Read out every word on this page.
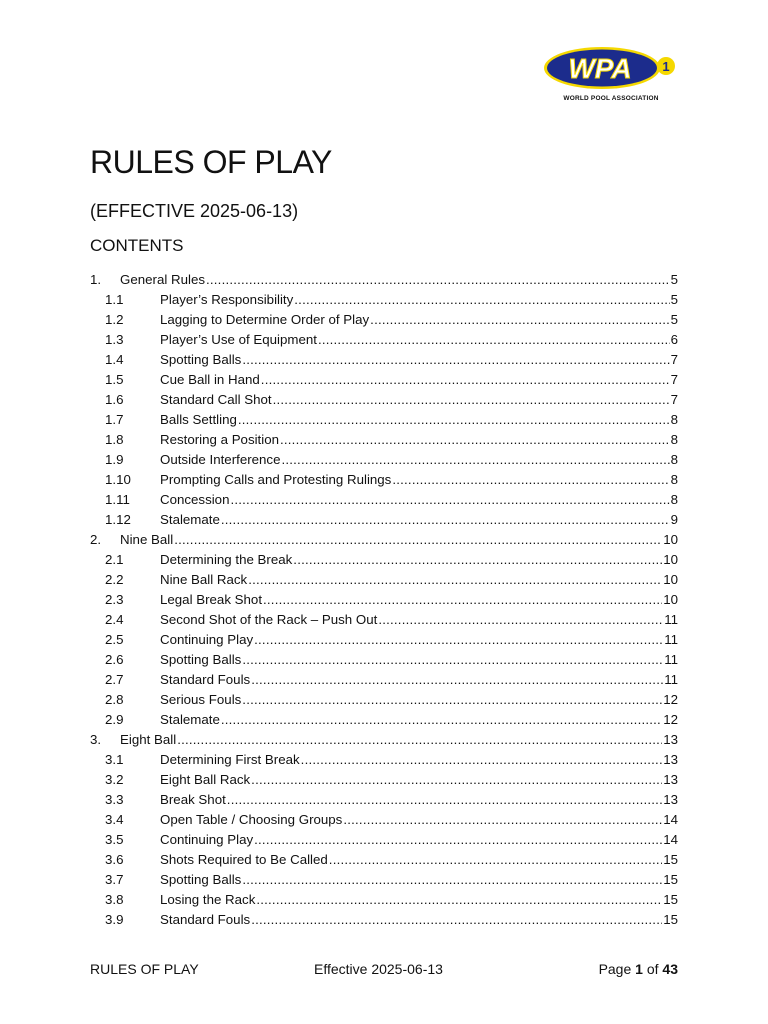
WPA 1
WORLD POOL ASSOCIATION
RULES OF PLAY
(EFFECTIVE 2025-06-13)
CONTENTS
1.	General Rules .....	5
1.1	Player’s Responsibility .....	5
1.2	Lagging to Determine Order of Play .....	5
1.3	Player’s Use of Equipment .....	6
1.4	Spotting Balls .....	7
1.5	Cue Ball in Hand .....	7
1.6	Standard Call Shot .....	7
1.7	Balls Settling .....	8
1.8	Restoring a Position .....	8
1.9	Outside Interference .....	8
1.10	Prompting Calls and Protesting Rulings .....	8
1.11	Concession .....	8
1.12	Stalemate .....	9
2.	Nine Ball .....	10
2.1	Determining the Break .....	10
2.2	Nine Ball Rack .....	10
2.3	Legal Break Shot .....	10
2.4	Second Shot of the Rack – Push Out .....	11
2.5	Continuing Play .....	11
2.6	Spotting Balls .....	11
2.7	Standard Fouls .....	11
2.8	Serious Fouls .....	12
2.9	Stalemate .....	12
3.	Eight Ball .....	13
3.1	Determining First Break .....	13
3.2	Eight Ball Rack .....	13
3.3	Break Shot .....	13
3.4	Open Table / Choosing Groups .....	14
3.5	Continuing Play .....	14
3.6	Shots Required to Be Called .....	15
3.7	Spotting Balls .....	15
3.8	Losing the Rack .....	15
3.9	Standard Fouls .....	15
RULES OF PLAY	Effective 2025-06-13	Page 1 of 43
